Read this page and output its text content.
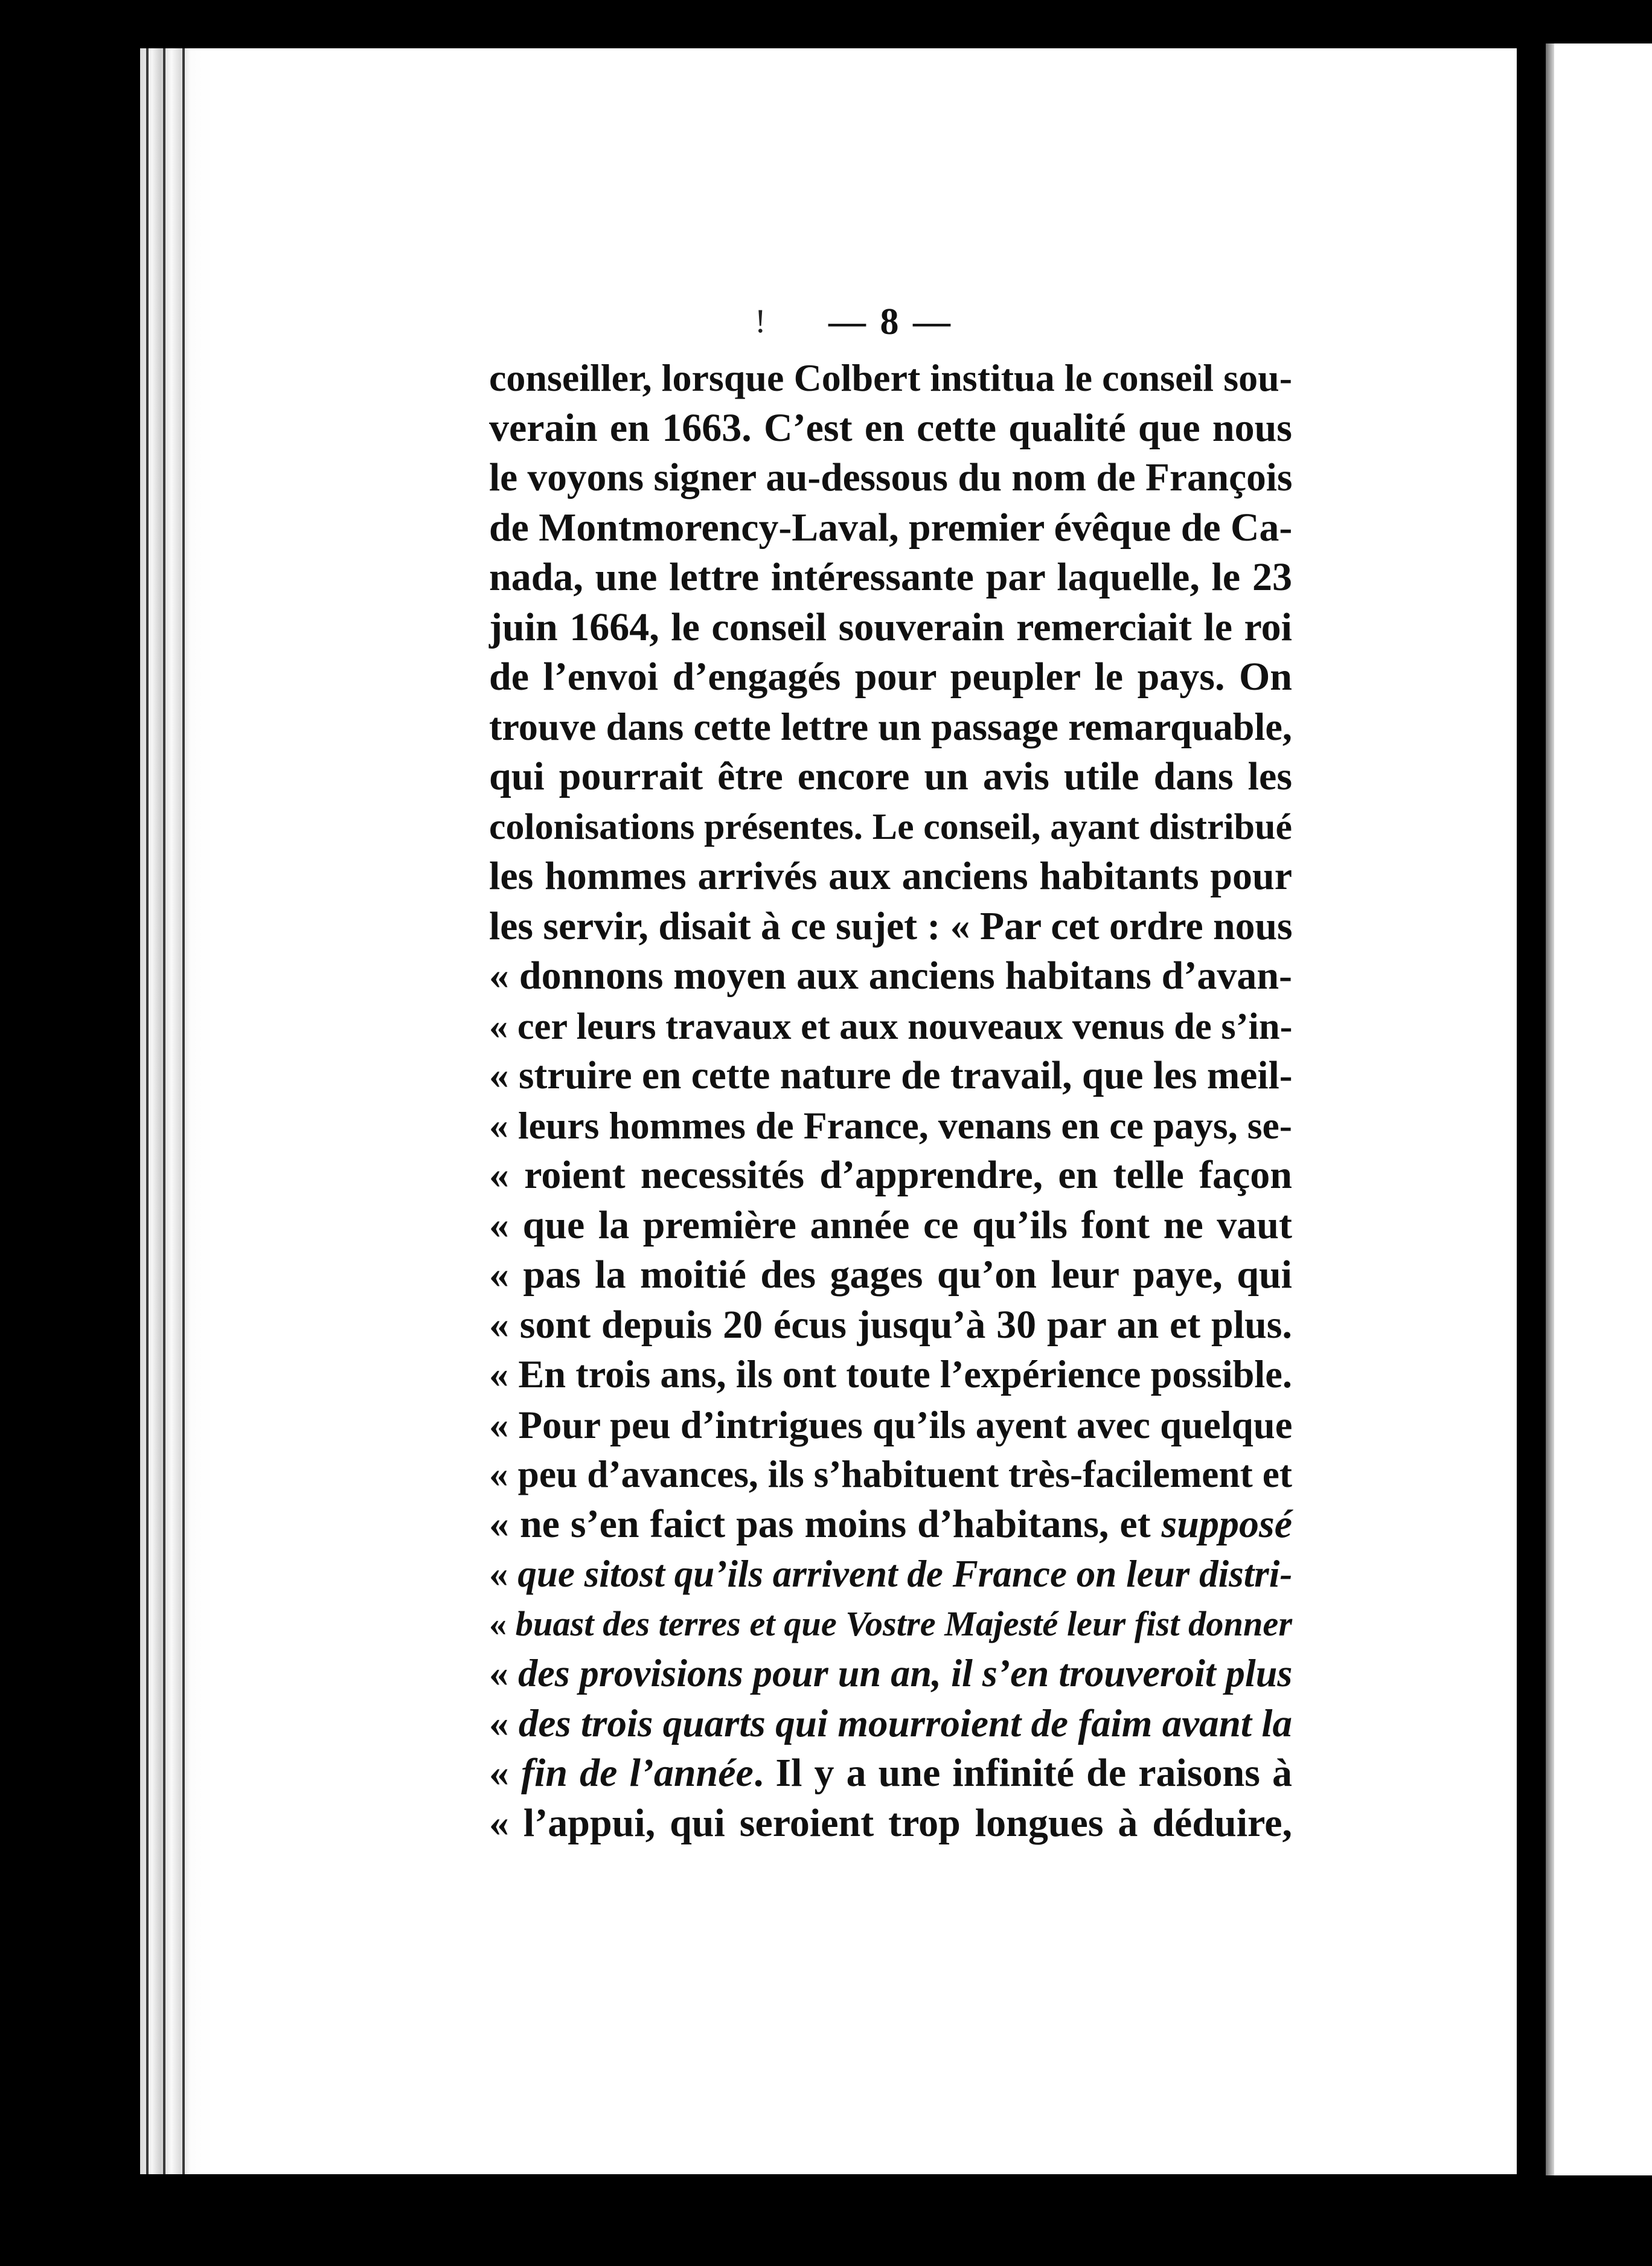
! — 8 —
conseiller, lorsque Colbert institua le conseil sou-
verain en 1663. C’est en cette qualité que nous
le voyons signer au-dessous du nom de François
de Montmorency-Laval, premier évêque de Ca-
nada, une lettre intéressante par laquelle, le 23
juin 1664, le conseil souverain remerciait le roi
de l’envoi d’engagés pour peupler le pays. On
trouve dans cette lettre un passage remarquable,
qui pourrait être encore un avis utile dans les
colonisations présentes. Le conseil, ayant distribué
les hommes arrivés aux anciens habitants pour
les servir, disait à ce sujet : « Par cet ordre nous
« donnons moyen aux anciens habitans d’avan-
« cer leurs travaux et aux nouveaux venus de s’in-
« struire en cette nature de travail, que les meil-
« leurs hommes de France, venans en ce pays, se-
« roient necessités d’apprendre, en telle façon
« que la première année ce qu’ils font ne vaut
« pas la moitié des gages qu’on leur paye, qui
« sont depuis 20 écus jusqu’à 30 par an et plus.
« En trois ans, ils ont toute l’expérience possible.
« Pour peu d’intrigues qu’ils ayent avec quelque
« peu d’avances, ils s’habituent très-facilement et
« ne s’en faict pas moins d’habitans, et supposé
« que sitost qu’ils arrivent de France on leur distri-
« buast des terres et que Vostre Majesté leur fist donner
« des provisions pour un an, il s’en trouveroit plus
« des trois quarts qui mourroient de faim avant la
« fin de l’année. Il y a une infinité de raisons à
« l’appui, qui seroient trop longues à déduire,
